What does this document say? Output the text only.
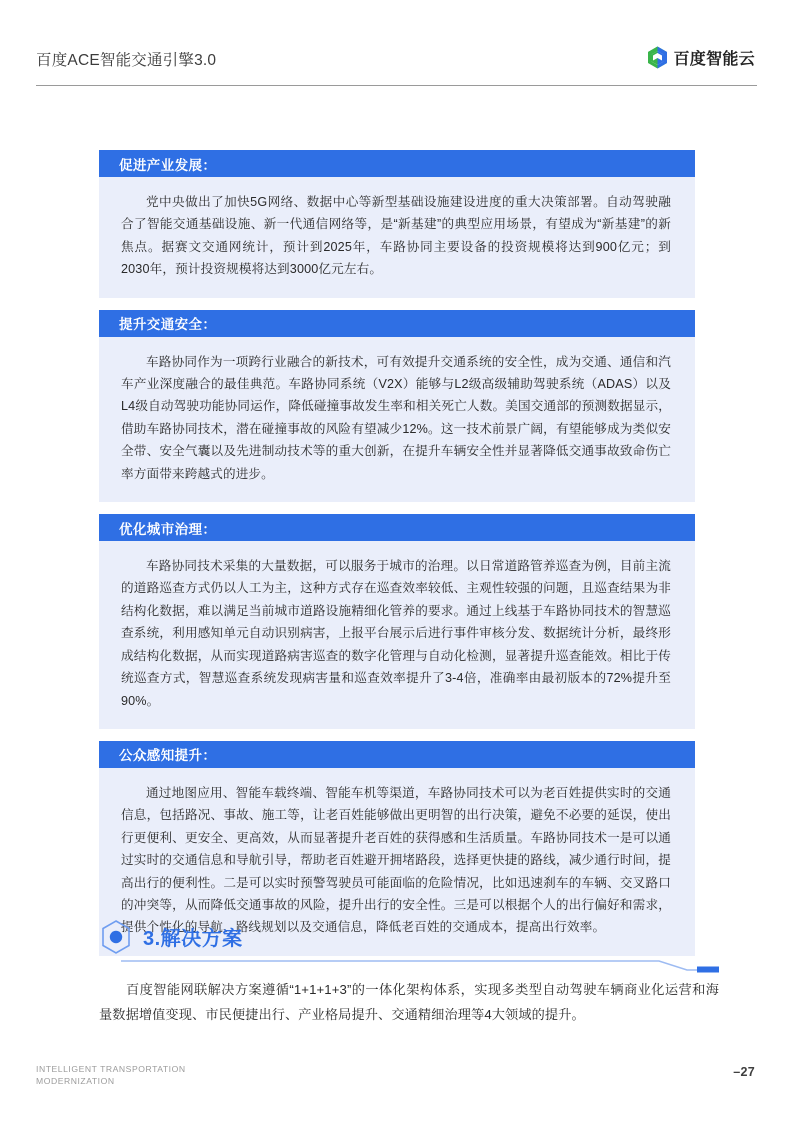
百度ACE智能交通引擎3.0	百度智能云
促进产业发展：
党中央做出了加快5G网络、数据中心等新型基础设施建设进度的重大决策部署。自动驾驶融合了智能交通基础设施、新一代通信网络等，是“新基建”的典型应用场景，有望成为“新基建”的新焦点。据赛文交通网统计，预计到2025年，车路协同主要设备的投资规模将达到900亿元；到2030年，预计投资规模将达到3000亿元左右。
提升交通安全：
车路协同作为一项跨行业融合的新技术，可有效提升交通系统的安全性，成为交通、通信和汽车产业深度融合的最佳典范。车路协同系统（V2X）能够与L2级高级辅助驾驶系统（ADAS）以及L4级自动驾驶功能协同运作，降低碰撞事故发生率和相关死亡人数。美国交通部的预测数据显示，借助车路协同技术，潜在碰撞事故的风险有望减少12%。这一技术前景广阔，有望能够成为类似安全带、安全气囊以及先进制动技术等的重大创新，在提升车辆安全性并显著降低交通事故致命伤亡率方面带来跨越式的进步。
优化城市治理：
车路协同技术采集的大量数据，可以服务于城市的治理。以日常道路管养巡查为例，目前主流的道路巡查方式仍以人工为主，这种方式存在巡查效率较低、主观性较强的问题，且巡查结果为非结构化数据，难以满足当前城市道路设施精细化管养的要求。通过上线基于车路协同技术的智慧巡查系统，利用感知单元自动识别病害，上报平台展示后进行事件审核分发、数据统计分析，最终形成结构化数据，从而实现道路病害巡查的数字化管理与自动化检测，显著提升巡查能效。相比于传统巡查方式，智慧巡查系统发现病害量和巡查效率提升了3-4倍，准确率由最初版本的72%提升至90%。
公众感知提升：
通过地图应用、智能车载终端、智能车机等渠道，车路协同技术可以为老百姓提供实时的交通信息，包括路况、事故、施工等，让老百姓能够做出更明智的出行决策，避免不必要的延误，使出行更便利、更安全、更高效，从而显著提升老百姓的获得感和生活质量。车路协同技术一是可以通过实时的交通信息和导航引导，帮助老百姓避开拥堵路段，选择更快捷的路线，减少通行时间，提高出行的便利性。二是可以实时预警驾驶员可能面临的危险情况，比如迅速刹车的车辆、交叉路口的冲突等，从而降低交通事故的风险，提升出行的安全性。三是可以根据个人的出行偏好和需求，提供个性化的导航、路线规划以及交通信息，降低老百姓的交通成本，提高出行效率。
3.解决方案
百度智能网联解决方案遵循“1+1+1+3”的一体化架构体系，实现多类型自动驾驶车辆商业化运营和海量数据增值变现、市民便捷出行、产业格局提升、交通精细治理等4大领域的提升。
INTELLIGENT TRANSPORTATION
MODERNIZATION
–27
